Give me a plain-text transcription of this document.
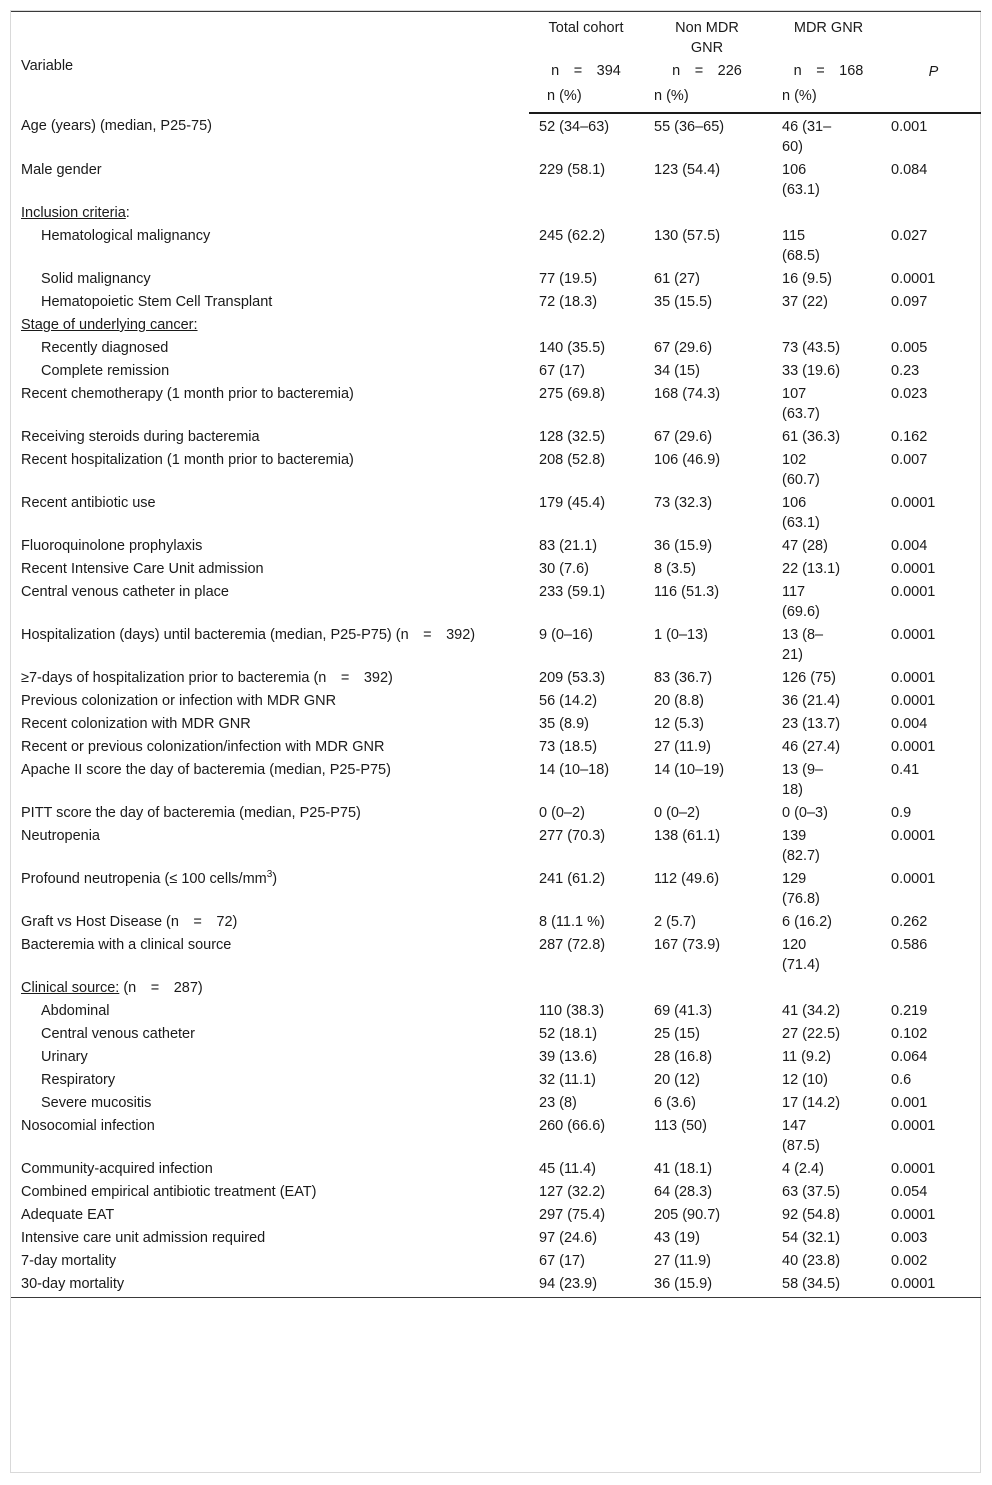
Variable	Total cohort	Non MDR GNR	MDR GNR	P

	n = 394	n = 226	n = 168	
	n (%)	n (%)	n (%)	
Age (years) (median, P25-75)	52 (34–63)	55 (36–65)	46 (31–60)	0.001
Male gender	229 (58.1)	123 (54.4)	106 (63.1)	0.084
Inclusion criteria:				
Hematological malignancy	245 (62.2)	130 (57.5)	115 (68.5)	0.027
Solid malignancy	77 (19.5)	61 (27)	16 (9.5)	0.0001
Hematopoietic Stem Cell Transplant	72 (18.3)	35 (15.5)	37 (22)	0.097
Stage of underlying cancer:				
Recently diagnosed	140 (35.5)	67 (29.6)	73 (43.5)	0.005
Complete remission	67 (17)	34 (15)	33 (19.6)	0.23
Recent chemotherapy (1 month prior to bacteremia)	275 (69.8)	168 (74.3)	107 (63.7)	0.023
Receiving steroids during bacteremia	128 (32.5)	67 (29.6)	61 (36.3)	0.162
Recent hospitalization (1 month prior to bacteremia)	208 (52.8)	106 (46.9)	102 (60.7)	0.007
Recent antibiotic use	179 (45.4)	73 (32.3)	106 (63.1)	0.0001
Fluoroquinolone prophylaxis	83 (21.1)	36 (15.9)	47 (28)	0.004
Recent Intensive Care Unit admission	30 (7.6)	8 (3.5)	22 (13.1)	0.0001
Central venous catheter in place	233 (59.1)	116 (51.3)	117 (69.6)	0.0001
Hospitalization (days) until bacteremia (median, P25-P75) (n = 392)	9 (0–16)	1 (0–13)	13 (8–21)	0.0001
≥7-days of hospitalization prior to bacteremia (n = 392)	209 (53.3)	83 (36.7)	126 (75)	0.0001
Previous colonization or infection with MDR GNR	56 (14.2)	20 (8.8)	36 (21.4)	0.0001
Recent colonization with MDR GNR	35 (8.9)	12 (5.3)	23 (13.7)	0.004
Recent or previous colonization/infection with MDR GNR	73 (18.5)	27 (11.9)	46 (27.4)	0.0001
Apache II score the day of bacteremia (median, P25-P75)	14 (10–18)	14 (10–19)	13 (9–18)	0.41
PITT score the day of bacteremia (median, P25-P75)	0 (0–2)	0 (0–2)	0 (0–3)	0.9
Neutropenia	277 (70.3)	138 (61.1)	139 (82.7)	0.0001
Profound neutropenia (≤ 100 cells/$mm^3$)	241 (61.2)	112 (49.6)	129 (76.8)	0.0001
Graft vs Host Disease (n = 72)	8 (11.1 %)	2 (5.7)	6 (16.2)	0.262
Bacteremia with a clinical source	287 (72.8)	167 (73.9)	120 (71.4)	0.586
Clinical source: (n = 287)				
Abdominal	110 (38.3)	69 (41.3)	41 (34.2)	0.219
Central venous catheter	52 (18.1)	25 (15)	27 (22.5)	0.102
Urinary	39 (13.6)	28 (16.8)	11 (9.2)	0.064
Respiratory	32 (11.1)	20 (12)	12 (10)	0.6
Severe mucositis	23 (8)	6 (3.6)	17 (14.2)	0.001
Nosocomial infection	260 (66.6)	113 (50)	147 (87.5)	0.0001
Community-acquired infection	45 (11.4)	41 (18.1)	4 (2.4)	0.0001
Combined empirical antibiotic treatment (EAT)	127 (32.2)	64 (28.3)	63 (37.5)	0.054
Adequate EAT	297 (75.4)	205 (90.7)	92 (54.8)	0.0001
Intensive care unit admission required	97 (24.6)	43 (19)	54 (32.1)	0.003
7-day mortality	67 (17)	27 (11.9)	40 (23.8)	0.002
30-day mortality	94 (23.9)	36 (15.9)	58 (34.5)	0.0001
